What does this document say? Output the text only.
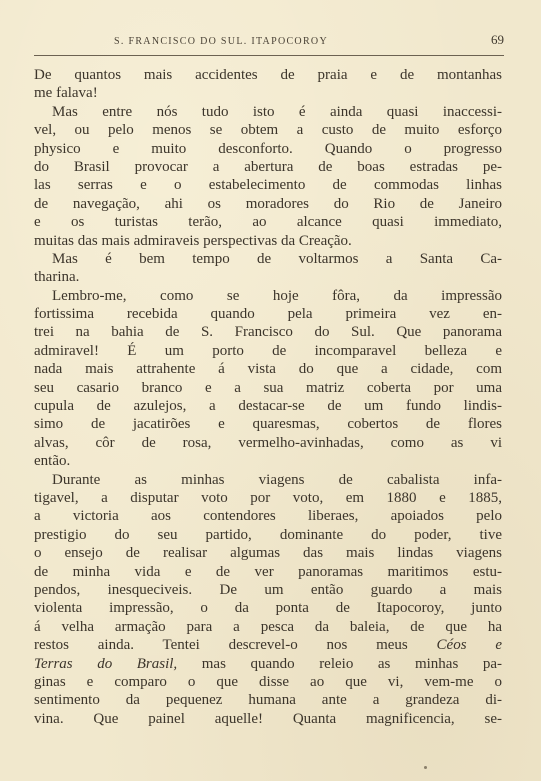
S. FRANCISCO DO SUL. ITAPOCOROY	69
De quantos mais accidentes de praia e de montanhas
me falava!
Mas entre nós tudo isto é ainda quasi inaccessi-
vel, ou pelo menos se obtem a custo de muito esforço
physico e muito desconforto. Quando o progresso
do Brasil provocar a abertura de boas estradas pe-
las serras e o estabelecimento de commodas linhas
de navegação, ahi os moradores do Rio de Janeiro
e os turistas terão, ao alcance quasi immediato,
muitas das mais admiraveis perspectivas da Creação.
Mas é bem tempo de voltarmos a Santa Ca-
tharina.
Lembro-me, como se hoje fôra, da impressão
fortissima recebida quando pela primeira vez en-
trei na bahia de S. Francisco do Sul. Que panorama
admiravel! É um porto de incomparavel belleza e
nada mais attrahente á vista do que a cidade, com
seu casario branco e a sua matriz coberta por uma
cupula de azulejos, a destacar-se de um fundo lindis-
simo de jacatirões e quaresmas, cobertos de flores
alvas, côr de rosa, vermelho-avinhadas, como as vi
então.
Durante as minhas viagens de cabalista infa-
tigavel, a disputar voto por voto, em 1880 e 1885,
a victoria aos contendores liberaes, apoiados pelo
prestigio do seu partido, dominante do poder, tive
o ensejo de realisar algumas das mais lindas viagens
de minha vida e de ver panoramas maritimos estu-
pendos, inesqueciveis. De um então guardo a mais
violenta impressão, o da ponta de Itapocoroy, junto
á velha armação para a pesca da baleia, de que ha
restos ainda. Tentei descrevel-o nos meus Céos e
Terras do Brasil, mas quando releio as minhas pa-
ginas e comparo o que disse ao que vi, vem-me o
sentimento da pequenez humana ante a grandeza di-
vina. Que painel aquelle! Quanta magnificencia, se-
